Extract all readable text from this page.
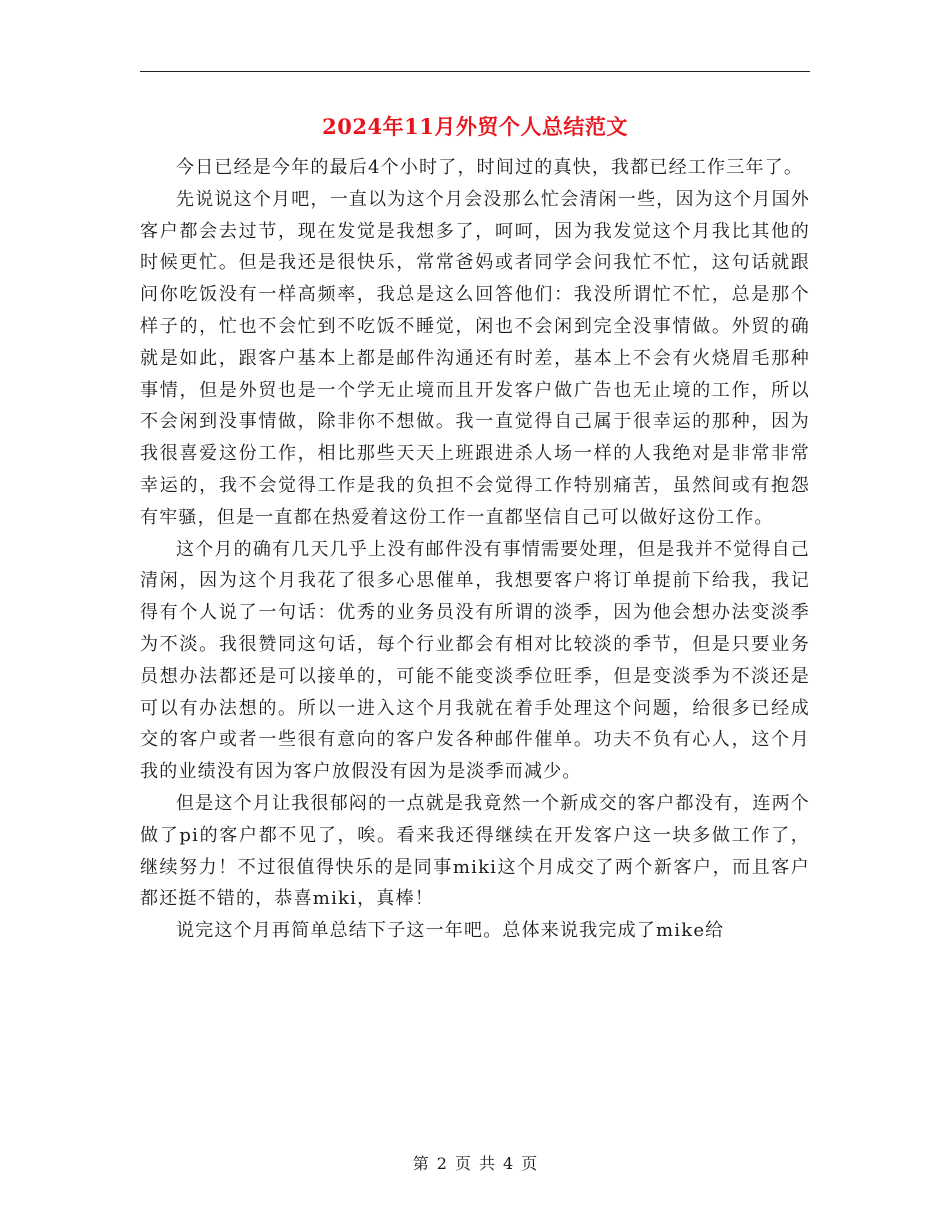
2024年11月外贸个人总结范文

今日已经是今年的最后4个小时了，时间过的真快，我都已经工作三年了。

先说说这个月吧，一直以为这个月会没那么忙会清闲一些，因为这个月国外客户都会去过节，现在发觉是我想多了，呵呵，因为我发觉这个月我比其他的时候更忙。但是我还是很快乐，常常爸妈或者同学会问我忙不忙，这句话就跟问你吃饭没有一样高频率，我总是这么回答他们：我没所谓忙不忙，总是那个样子的，忙也不会忙到不吃饭不睡觉，闲也不会闲到完全没事情做。外贸的确就是如此，跟客户基本上都是邮件沟通还有时差，基本上不会有火烧眉毛那种事情，但是外贸也是一个学无止境而且开发客户做广告也无止境的工作，所以不会闲到没事情做，除非你不想做。我一直觉得自己属于很幸运的那种，因为我很喜爱这份工作，相比那些天天上班跟进杀人场一样的人我绝对是非常非常幸运的，我不会觉得工作是我的负担不会觉得工作特别痛苦，虽然间或有抱怨有牢骚，但是一直都在热爱着这份工作一直都坚信自己可以做好这份工作。

这个月的确有几天几乎上没有邮件没有事情需要处理，但是我并不觉得自己清闲，因为这个月我花了很多心思催单，我想要客户将订单提前下给我，我记得有个人说了一句话：优秀的业务员没有所谓的淡季，因为他会想办法变淡季为不淡。我很赞同这句话，每个行业都会有相对比较淡的季节，但是只要业务员想办法都还是可以接单的，可能不能变淡季位旺季，但是变淡季为不淡还是可以有办法想的。所以一进入这个月我就在着手处理这个问题，给很多已经成交的客户或者一些很有意向的客户发各种邮件催单。功夫不负有心人，这个月我的业绩没有因为客户放假没有因为是淡季而减少。

但是这个月让我很郁闷的一点就是我竟然一个新成交的客户都没有，连两个做了pi的客户都不见了，唉。看来我还得继续在开发客户这一块多做工作了，继续努力！不过很值得快乐的是同事miki这个月成交了两个新客户，而且客户都还挺不错的，恭喜miki，真棒！

说完这个月再简单总结下子这一年吧。总体来说我完成了mike给

第 2 页 共 4 页
